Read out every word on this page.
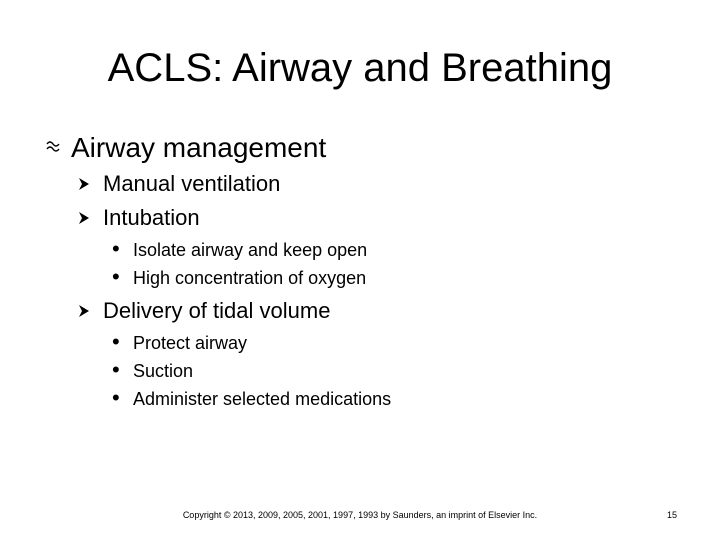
ACLS: Airway and Breathing
Airway management
Manual ventilation
Intubation
• Isolate airway and keep open
• High concentration of oxygen
Delivery of tidal volume
• Protect airway
• Suction
• Administer selected medications
Copyright © 2013, 2009, 2005, 2001, 1997, 1993 by Saunders, an imprint of Elsevier Inc.	15
